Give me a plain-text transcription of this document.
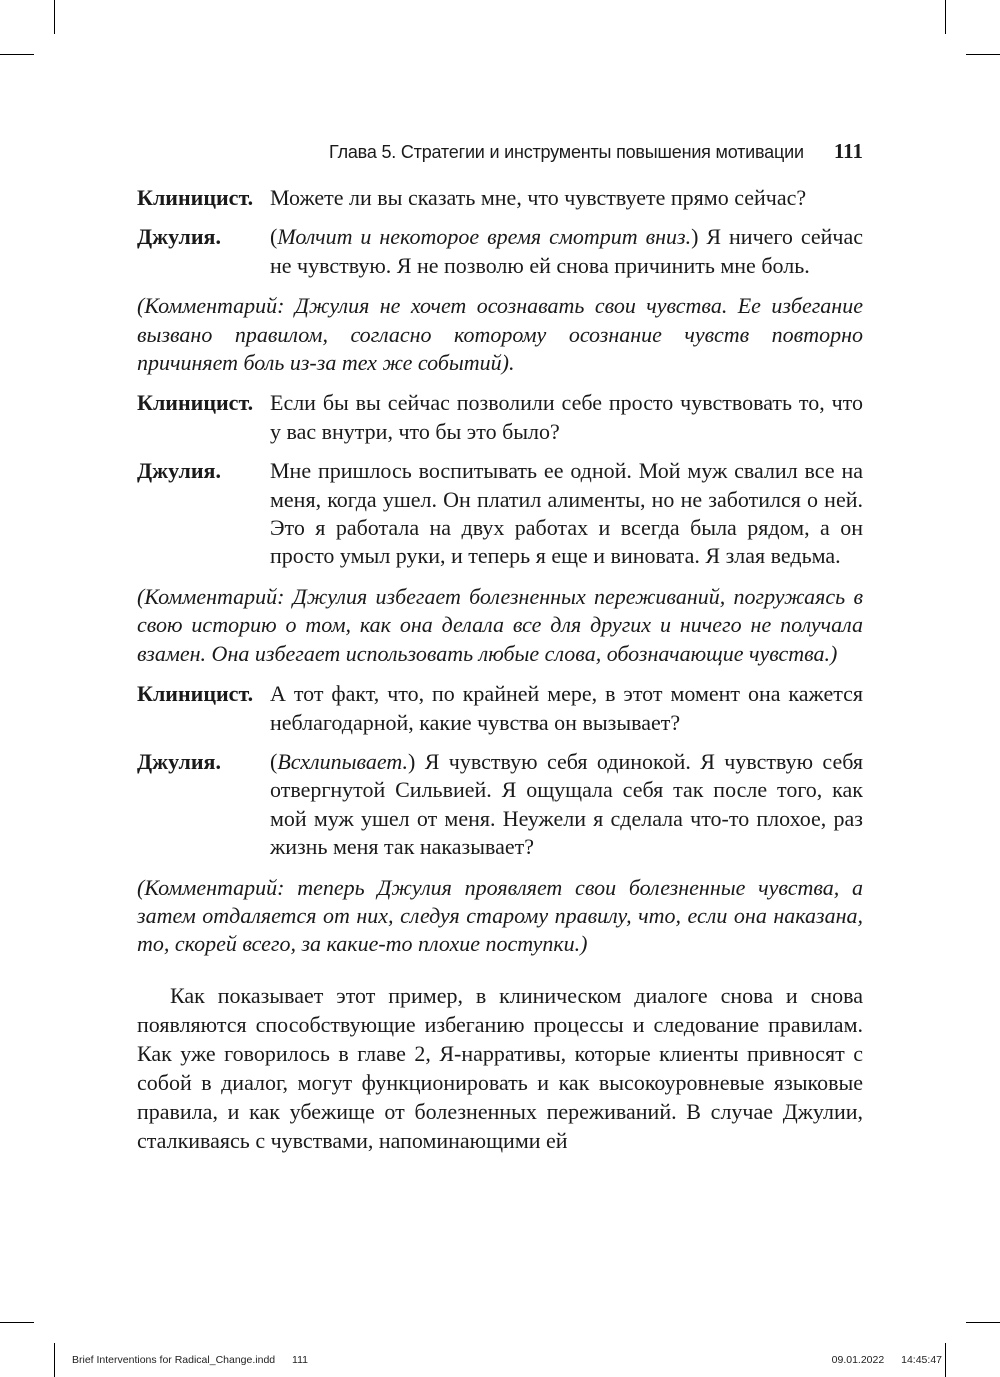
Глава 5. Стратегии и инструменты повышения мотивации 111
Клиницист. Можете ли вы сказать мне, что чувствуете прямо сейчас?
Джулия.	(Молчит и некоторое время смотрит вниз.) Я ничего сейчас не чувствую. Я не позволю ей снова причинить мне боль.
(Комментарий: Джулия не хочет осознавать свои чувства. Ее избегание вызвано правилом, согласно которому осознание чувств повторно причиняет боль из-за тех же событий).
Клиницист. Если бы вы сейчас позволили себе просто чувствовать то, что у вас внутри, что бы это было?
Джулия.	Мне пришлось воспитывать ее одной. Мой муж свалил все на меня, когда ушел. Он платил алименты, но не заботился о ней. Это я работала на двух работах и всегда была рядом, а он просто умыл руки, и теперь я еще и виновата. Я злая ведьма.
(Комментарий: Джулия избегает болезненных переживаний, погружаясь в свою историю о том, как она делала все для других и ничего не получала взамен. Она избегает использовать любые слова, обозначающие чувства.)
Клиницист. А тот факт, что, по крайней мере, в этот момент она кажется неблагодарной, какие чувства он вызывает?
Джулия.	(Всхлипывает.) Я чувствую себя одинокой. Я чувствую себя отвергнутой Сильвией. Я ощущала себя так после того, как мой муж ушел от меня. Неужели я сделала что-то плохое, раз жизнь меня так наказывает?
(Комментарий: теперь Джулия проявляет свои болезненные чувства, а затем отдаляется от них, следуя старому правилу, что, если она наказана, то, скорей всего, за какие-то плохие поступки.)
Как показывает этот пример, в клиническом диалоге снова и снова появляются способствующие избеганию процессы и следование правилам. Как уже говорилось в главе 2, Я-нарративы, которые клиенты привносят с собой в диалог, могут функционировать и как высокоуровневые языковые правила, и как убежище от болезненных переживаний. В случае Джулии, сталкиваясь с чувствами, напоминающими ей
Brief Interventions for Radical_Change.indd 111	09.01.2022 14:45:47
